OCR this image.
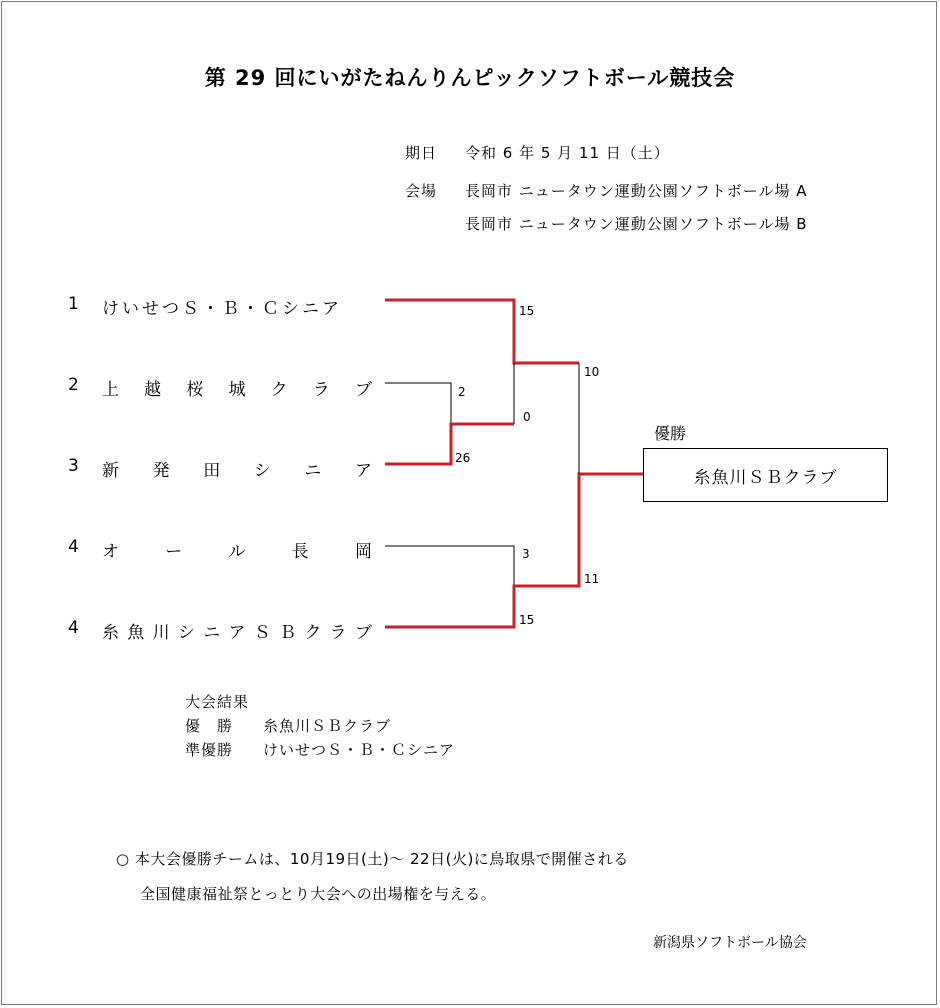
第 29 回にいがたねんりんピックソフトボール競技会
期日 令和 6 年 5 月 11 日（土）
会場 長岡市 ニュータウン運動公園ソフトボール場 A
長岡市 ニュータウン運動公園ソフトボール場 B
1 けいせつＳ・Ｂ・Ｃシニア
2 上 越 桜 城 ク ラ ブ
3 新 発 田 シ ニ ア
4 オ	ー	ル	長	岡
4 糸 魚 川 シ ニ ア Ｓ Ｂ ク ラ ブ
15
10
2
0
26
3
11
15
優勝
糸魚川ＳＢクラブ
大会結果
優　勝 糸魚川ＳＢクラブ
準優勝 けいせつＳ・Ｂ・Ｃシニア
○ 本大会優勝チームは、10月19日(土)～ 22日(火)に鳥取県で開催される
全国健康福祉祭とっとり大会への出場権を与える。
新潟県ソフトボール協会
